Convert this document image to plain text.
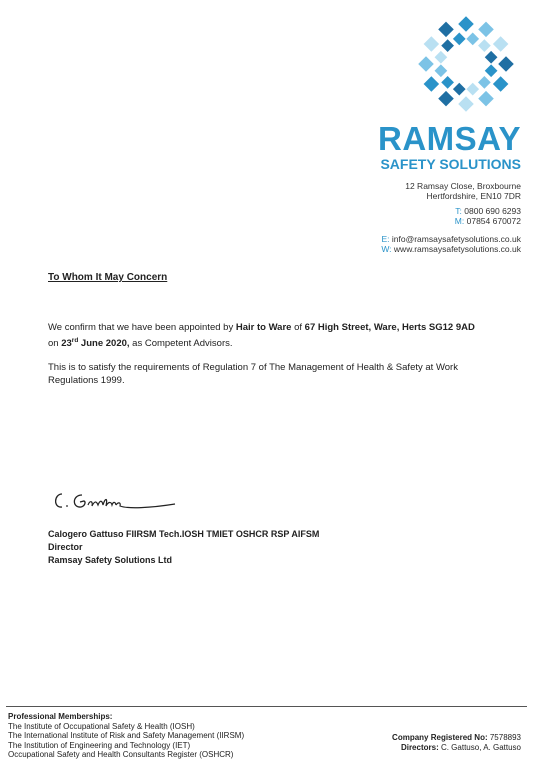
RAMSAY
SAFETY SOLUTIONS
12 Ramsay Close, Broxbourne
Hertfordshire, EN10 7DR
T: 0800 690 6293
M: 07854 670072
E: info@ramsaysafetysolutions.co.uk
W: www.ramsaysafetysolutions.co.uk
To Whom It May Concern
We confirm that we have been appointed by Hair to Ware of 67 High Street, Ware, Herts SG12 9AD
on 23rd June 2020, as Competent Advisors.
This is to satisfy the requirements of Regulation 7 of The Management of Health & Safety at Work Regulations 1999.
Calogero Gattuso FIIRSM Tech.IOSH TMIET OSHCR RSP AIFSM
Director
Ramsay Safety Solutions Ltd
Professional Memberships:
The Institute of Occupational Safety & Health (IOSH)
The International Institute of Risk and Safety Management (IIRSM)
The Institution of Engineering and Technology (IET)
Occupational Safety and Health Consultants Register (OSHCR)
Company Registered No: 7578893
Directors: C. Gattuso, A. Gattuso
